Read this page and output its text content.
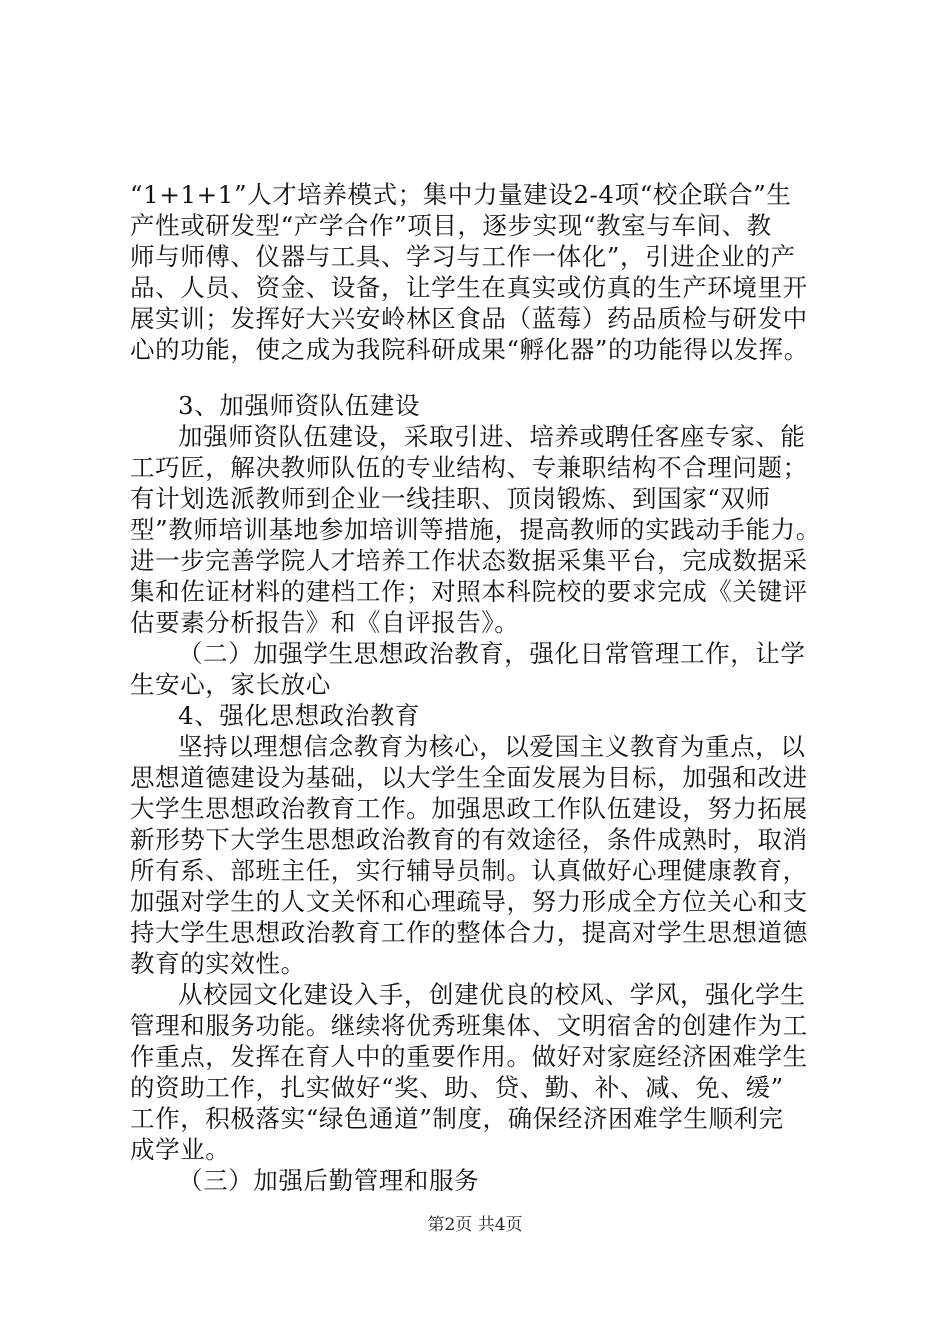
“1+1+1”人才培养模式；集中力量建设2-4项“校企联合”生
产性或研发型“产学合作”项目，逐步实现“教室与车间、教
师与师傅、仪器与工具、学习与工作一体化”，引进企业的产
品、人员、资金、设备，让学生在真实或仿真的生产环境里开
展实训；发挥好大兴安岭林区食品（蓝莓）药品质检与研发中
心的功能，使之成为我院科研成果“孵化器”的功能得以发挥。
3、加强师资队伍建设
加强师资队伍建设，采取引进、培养或聘任客座专家、能
工巧匠，解决教师队伍的专业结构、专兼职结构不合理问题；
有计划选派教师到企业一线挂职、顶岗锻炼、到国家“双师
型”教师培训基地参加培训等措施，提高教师的实践动手能力。
进一步完善学院人才培养工作状态数据采集平台，完成数据采
集和佐证材料的建档工作；对照本科院校的要求完成《关键评
估要素分析报告》和《自评报告》。
（二）加强学生思想政治教育，强化日常管理工作，让学
生安心，家长放心
4、强化思想政治教育
坚持以理想信念教育为核心，以爱国主义教育为重点，以
思想道德建设为基础，以大学生全面发展为目标，加强和改进
大学生思想政治教育工作。加强思政工作队伍建设，努力拓展
新形势下大学生思想政治教育的有效途径，条件成熟时，取消
所有系、部班主任，实行辅导员制。认真做好心理健康教育，
加强对学生的人文关怀和心理疏导，努力形成全方位关心和支
持大学生思想政治教育工作的整体合力，提高对学生思想道德
教育的实效性。
从校园文化建设入手，创建优良的校风、学风，强化学生
管理和服务功能。继续将优秀班集体、文明宿舍的创建作为工
作重点，发挥在育人中的重要作用。做好对家庭经济困难学生
的资助工作，扎实做好“奖、助、贷、勤、补、减、免、缓”
工作，积极落实“绿色通道”制度，确保经济困难学生顺利完
成学业。
（三）加强后勤管理和服务
第2页 共4页
